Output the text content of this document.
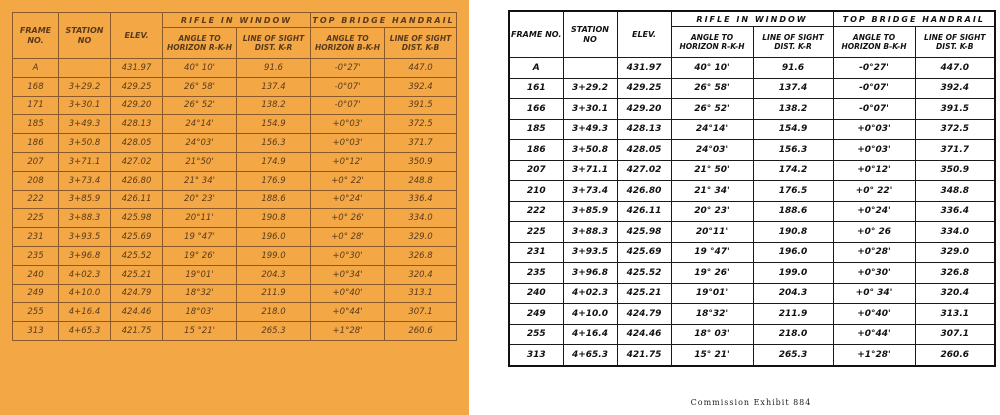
FRAME NO.	STATION NO	ELEV.	RIFLE IN WINDOW		TOP BRIDGE HANDRAIL	
			ANGLE TO HORIZON R-K-H	LINE OF SIGHT DIST. K-R	ANGLE TO HORIZON B-K-H	LINE OF SIGHT DIST. K-B
A		431.97	40° 10'	91.6	-0°27'	447.0
168	3+29.2	429.25	26° 58'	137.4	-0°07'	392.4
171	3+30.1	429.20	26° 52'	138.2	-0°07'	391.5
185	3+49.3	428.13	24°14'	154.9	+0°03'	372.5
186	3+50.8	428.05	24°03'	156.3	+0°03'	371.7
207	3+71.1	427.02	21°50'	174.9	+0°12'	350.9
208	3+73.4	426.80	21° 34'	176.9	+0° 22'	248.8
222	3+85.9	426.11	20° 23'	188.6	+0°24'	336.4
225	3+88.3	425.98	20°11'	190.8	+0° 26'	334.0
231	3+93.5	425.69	19 °47'	196.0	+0° 28'	329.0
235	3+96.8	425.52	19° 26'	199.0	+0°30'	326.8
240	4+02.3	425.21	19°01'	204.3	+0°34'	320.4
249	4+10.0	424.79	18°32'	211.9	+0°40'	313.1
255	4+16.4	424.46	18°03'	218.0	+0°44'	307.1
313	4+65.3	421.75	15 °21'	265.3	+1°28'	260.6
FRAME NO.	STATION NO	ELEV.	RIFLE IN WINDOW		TOP BRIDGE HANDRAIL	
			ANGLE TO HORIZON R-K-H	LINE OF SIGHT DIST. K-R	ANGLE TO HORIZON B-K-H	LINE OF SIGHT DIST. K-B
A		431.97	40° 10'	91.6	-0°27'	447.0
161	3+29.2	429.25	26° 58'	137.4	-0°07'	392.4
166	3+30.1	429.20	26° 52'	138.2	-0°07'	391.5
185	3+49.3	428.13	24°14'	154.9	+0°03'	372.5
186	3+50.8	428.05	24°03'	156.3	+0°03'	371.7
207	3+71.1	427.02	21° 50'	174.2	+0°12'	350.9
210	3+73.4	426.80	21° 34'	176.5	+0° 22'	348.8
222	3+85.9	426.11	20° 23'	188.6	+0°24'	336.4
225	3+88.3	425.98	20°11'	190.8	+0° 26	334.0
231	3+93.5	425.69	19 °47'	196.0	+0°28'	329.0
235	3+96.8	425.52	19° 26'	199.0	+0°30'	326.8
240	4+02.3	425.21	19°01'	204.3	+0° 34'	320.4
249	4+10.0	424.79	18°32'	211.9	+0°40'	313.1
255	4+16.4	424.46	18° 03'	218.0	+0°44'	307.1
313	4+65.3	421.75	15° 21'	265.3	+1°28'	260.6
Commission Exhibit 884
